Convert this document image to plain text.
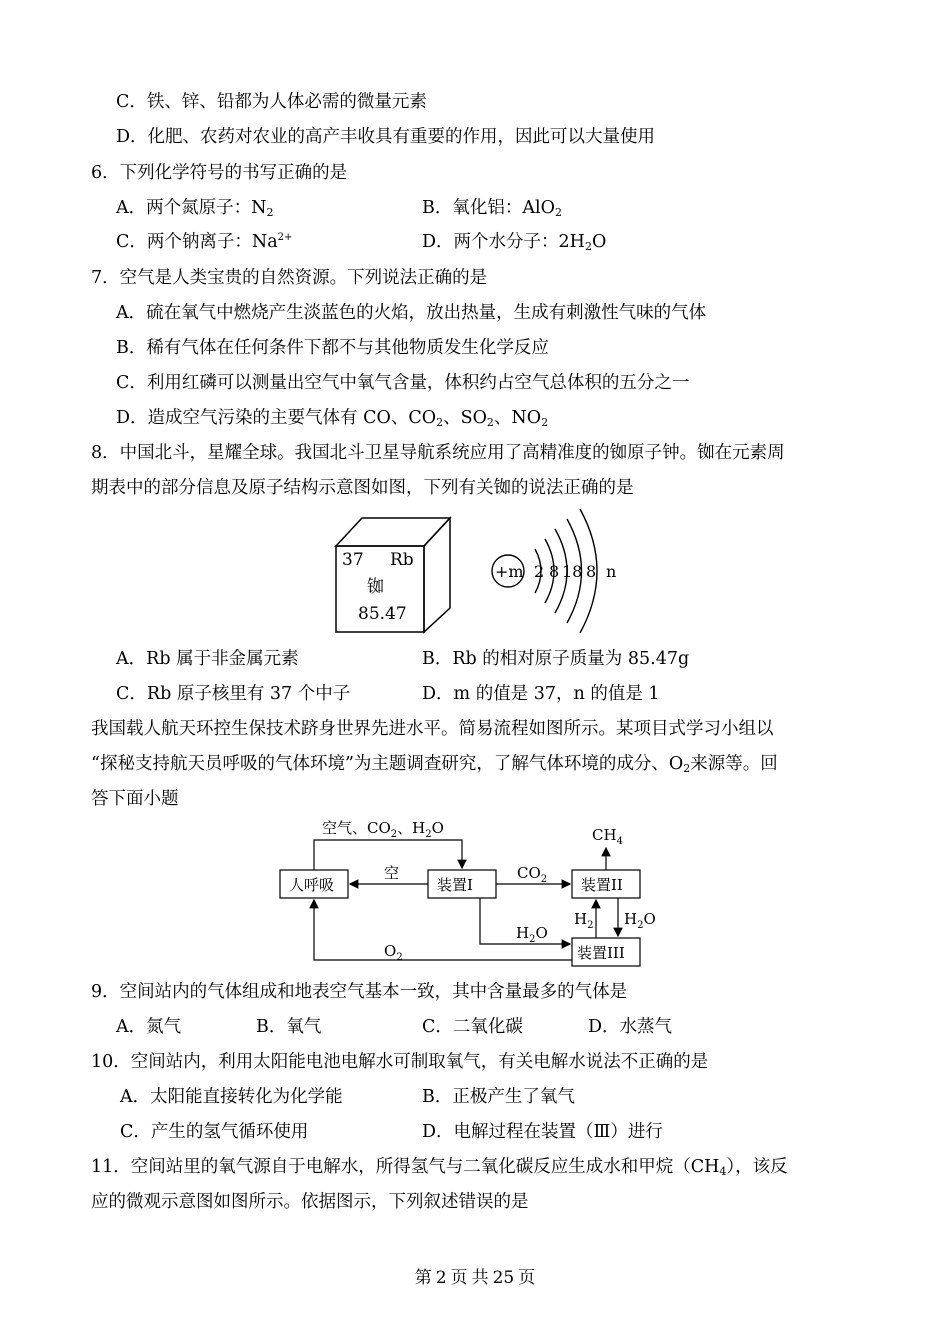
C．铁、锌、铅都为人体必需的微量元素
D．化肥、农药对农业的高产丰收具有重要的作用，因此可以大量使用
6．下列化学符号的书写正确的是
A．两个氮原子：$N_2$	B．氧化铝：AlO$_2$
C．两个钠离子：$Na^{2+}$	D．两个水分子：$2H_2O$
7．空气是人类宝贵的自然资源。下列说法正确的是
A．硫在氧气中燃烧产生淡蓝色的火焰，放出热量，生成有刺激性气味的气体
B．稀有气体在任何条件下都不与其他物质发生化学反应
C．利用红磷可以测量出空气中氧气含量，体积约占空气总体积的五分之一
D．造成空气污染的主要气体有 CO、$CO_2$、$SO_2$、$NO_2$
8．中国北斗，星耀全球。我国北斗卫星导航系统应用了高精准度的铷原子钟。铷在元素周
期表中的部分信息及原子结构示意图如图，下列有关铷的说法正确的是
37 Rb
铷
85.47
+m 2 8 18 8 n
A．Rb 属于非金属元素	B．Rb 的相对原子质量为 85.47g
C．Rb 原子核里有 37 个中子	D．m 的值是 37，n 的值是 1
我国载人航天环控生保技术跻身世界先进水平。简易流程如图所示。某项目式学习小组以
“探秘支持航天员呼吸的气体环境”为主题调查研究，了解气体环境的成分、$O_2$来源等。回
答下面小题
人呼吸	装置I	装置II
装置III
空气、$CO_2$、$H_2O$
空	$CO_2$
$CH_4$
$H_2$ $H_2O$
$H_2O$
$O_2$
9．空间站内的气体组成和地表空气基本一致，其中含量最多的气体是
A．氮气	B．氧气	C．二氧化碳	D．水蒸气
10．空间站内，利用太阳能电池电解水可制取氧气，有关电解水说法不正确的是
A．太阳能直接转化为化学能	B．正极产生了氧气
C．产生的氢气循环使用	D．电解过程在装置（Ⅲ）进行
11．空间站里的氧气源自于电解水，所得氢气与二氧化碳反应生成水和甲烷$(CH_4)$，该反
应的微观示意图如图所示。依据图示，下列叙述错误的是
第 2 页 共 25 页
